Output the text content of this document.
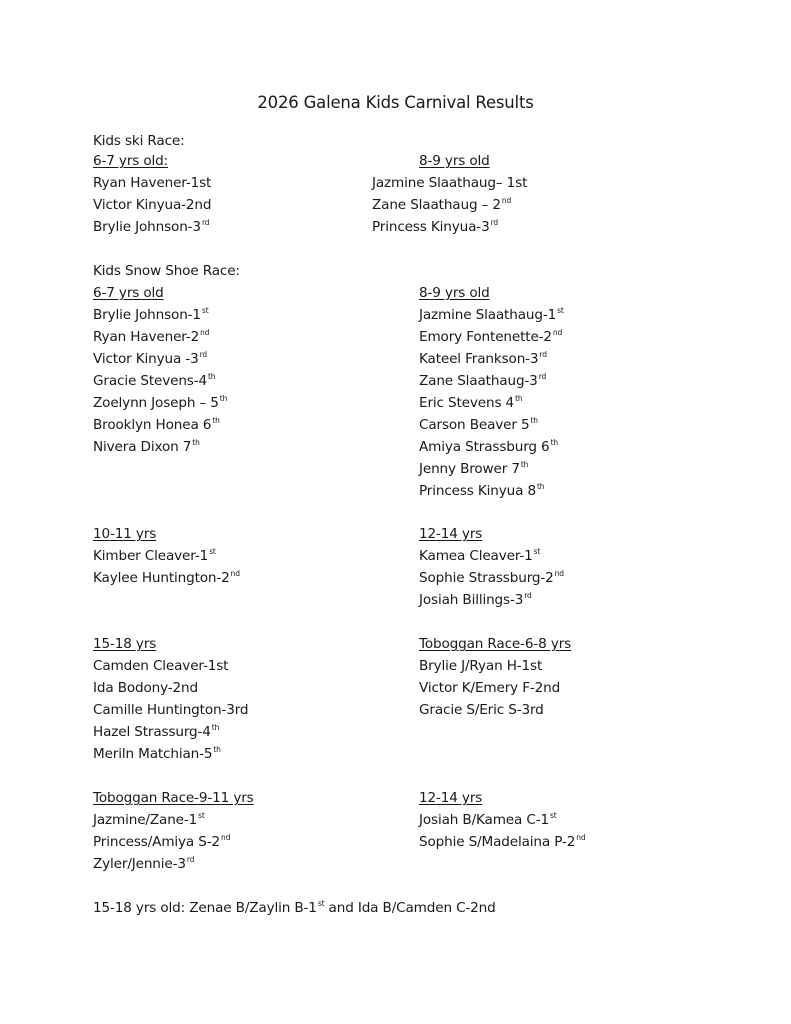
2026 Galena Kids Carnival Results
Kids ski Race:
6-7 yrs old:
Ryan Havener-1st
Victor Kinyua-2nd
Brylie Johnson-3rd
8-9 yrs old
Jazmine Slaathaug– 1st
Zane Slaathaug – 2nd
Princess Kinyua-3rd
Kids Snow Shoe Race:
6-7 yrs old
Brylie Johnson-1st
Ryan Havener-2nd
Victor Kinyua -3rd
Gracie Stevens-4th
Zoelynn Joseph – 5th
Brooklyn Honea 6th
Nivera Dixon 7th
8-9 yrs old
Jazmine Slaathaug-1st
Emory Fontenette-2nd
Kateel Frankson-3rd
Zane Slaathaug-3rd
Eric Stevens 4th
Carson Beaver 5th
Amiya Strassburg 6th
Jenny Brower 7th
Princess Kinyua 8th
10-11 yrs
Kimber Cleaver-1st
Kaylee Huntington-2nd
12-14 yrs
Kamea Cleaver-1st
Sophie Strassburg-2nd
Josiah Billings-3rd
15-18 yrs
Camden Cleaver-1st
Ida Bodony-2nd
Camille Huntington-3rd
Hazel Strassurg-4th
Meriln Matchian-5th
Toboggan Race-6-8 yrs
Brylie J/Ryan H-1st
Victor K/Emery F-2nd
Gracie S/Eric S-3rd
Toboggan Race-9-11 yrs
Jazmine/Zane-1st
Princess/Amiya S-2nd
Zyler/Jennie-3rd
12-14 yrs
Josiah B/Kamea C-1st
Sophie S/Madelaina P-2nd
15-18 yrs old: Zenae B/Zaylin B-1st and Ida B/Camden C-2nd
